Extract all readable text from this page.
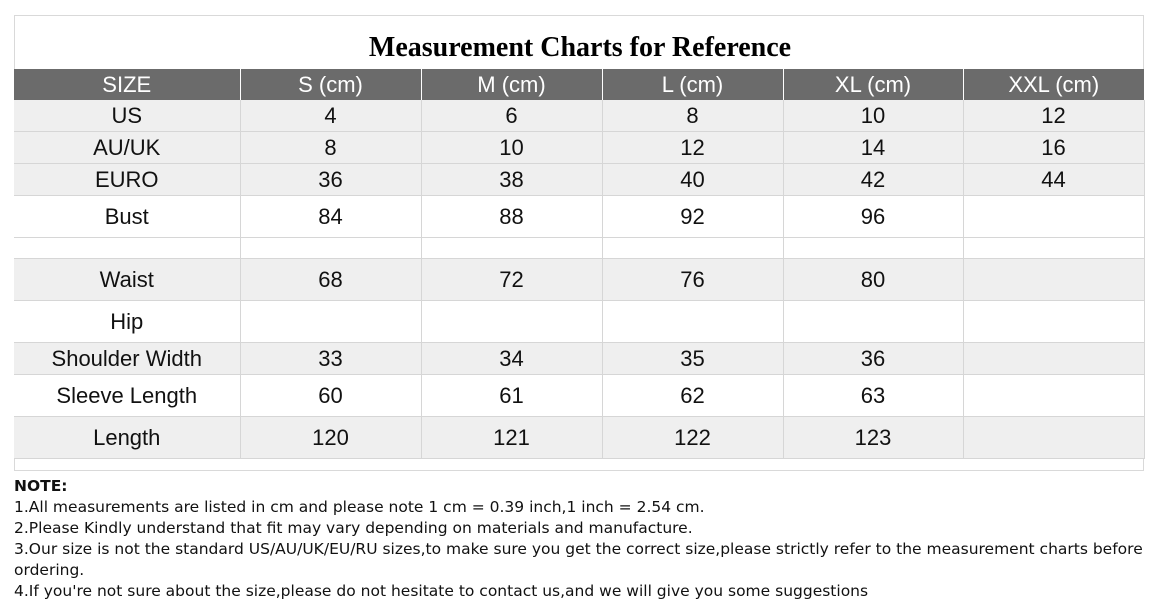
Measurement Charts for Reference
SIZE	S (cm)	M (cm)	L (cm)	XL (cm)	XXL (cm)
US	4	6	8	10	12
AU/UK	8	10	12	14	16
EURO	36	38	40	42	44
Bust	84	88	92	96	

Waist	68	72	76	80	
Hip					
Shoulder Width	33	34	35	36	
Sleeve Length	60	61	62	63	
Length	120	121	122	123	

NOTE:

1.All measurements are listed in cm and please note 1 cm = 0.39 inch,1 inch = 2.54 cm.

2.Please Kindly understand that fit may vary depending on materials and manufacture.

3.Our size is not the standard US/AU/UK/EU/RU sizes,to make sure you get the correct size,please strictly refer to the measurement charts before ordering.

4.If you're not sure about the size,please do not hesitate to contact us,and we will give you some suggestions
